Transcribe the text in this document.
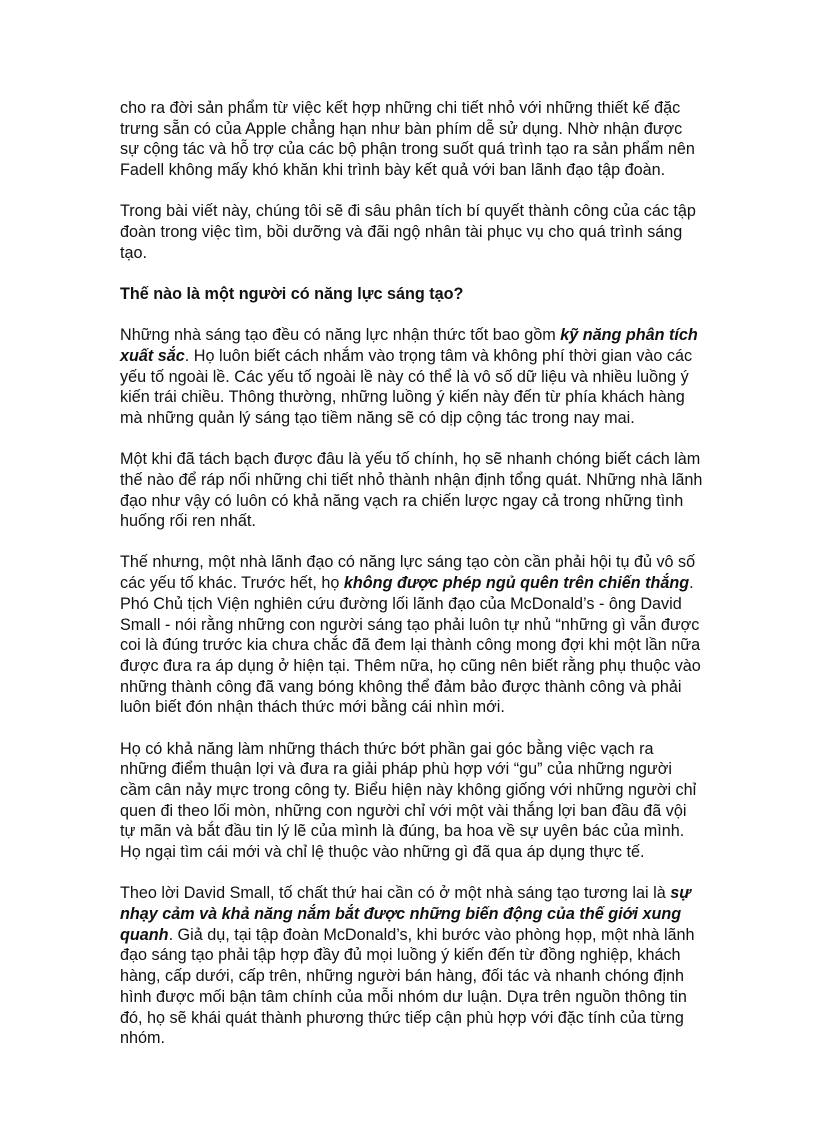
cho ra đời sản phẩm từ việc kết hợp những chi tiết nhỏ với những thiết kế đặc trưng sẵn có của Apple chẳng hạn như bàn phím dễ sử dụng. Nhờ nhận được sự cộng tác và hỗ trợ của các bộ phận trong suốt quá trình tạo ra sản phẩm nên Fadell không mấy khó khăn khi trình bày kết quả với ban lãnh đạo tập đoàn.

Trong bài viết này, chúng tôi sẽ đi sâu phân tích bí quyết thành công của các tập đoàn trong việc tìm, bồi dưỡng và đãi ngộ nhân tài phục vụ cho quá trình sáng tạo.

Thế nào là một người có năng lực sáng tạo?

Những nhà sáng tạo đều có năng lực nhận thức tốt bao gồm kỹ năng phân tích xuất sắc. Họ luôn biết cách nhắm vào trọng tâm và không phí thời gian vào các yếu tố ngoài lề. Các yếu tố ngoài lề này có thể là vô số dữ liệu và nhiều luồng ý kiến trái chiều. Thông thường, những luồng ý kiến này đến từ phía khách hàng mà những quản lý sáng tạo tiềm năng sẽ có dịp cộng tác trong nay mai.

Một khi đã tách bạch được đâu là yếu tố chính, họ sẽ nhanh chóng biết cách làm thế nào để ráp nối những chi tiết nhỏ thành nhận định tổng quát. Những nhà lãnh đạo như vậy có luôn có khả năng vạch ra chiến lược ngay cả trong những tình huống rối ren nhất.

Thế nhưng, một nhà lãnh đạo có năng lực sáng tạo còn cần phải hội tụ đủ vô số các yếu tố khác. Trước hết, họ không được phép ngủ quên trên chiến thắng. Phó Chủ tịch Viện nghiên cứu đường lối lãnh đạo của McDonald’s - ông David Small - nói rằng những con người sáng tạo phải luôn tự nhủ “những gì vẫn được coi là đúng trước kia chưa chắc đã đem lại thành công mong đợi khi một lần nữa được đưa ra áp dụng ở hiện tại. Thêm nữa, họ cũng nên biết rằng phụ thuộc vào những thành công đã vang bóng không thể đảm bảo được thành công và phải luôn biết đón nhận thách thức mới bằng cái nhìn mới.

Họ có khả năng làm những thách thức bớt phần gai góc bằng việc vạch ra những điểm thuận lợi và đưa ra giải pháp phù hợp với “gu” của những người cầm cân nảy mực trong công ty. Biểu hiện này không giống với những người chỉ quen đi theo lối mòn, những con người chỉ với một vài thắng lợi ban đầu đã vội tự mãn và bắt đầu tin lý lẽ của mình là đúng, ba hoa về sự uyên bác của mình. Họ ngại tìm cái mới và chỉ lệ thuộc vào những gì đã qua áp dụng thực tế.

Theo lời David Small, tố chất thứ hai cần có ở một nhà sáng tạo tương lai là sự nhạy cảm và khả năng nắm bắt được những biến động của thế giới xung quanh. Giả dụ, tại tập đoàn McDonald’s, khi bước vào phòng họp, một nhà lãnh đạo sáng tạo phải tập hợp đầy đủ mọi luồng ý kiến đến từ đồng nghiệp, khách hàng, cấp dưới, cấp trên, những người bán hàng, đối tác và nhanh chóng định hình được mối bận tâm chính của mỗi nhóm dư luận. Dựa trên nguồn thông tin đó, họ sẽ khái quát thành phương thức tiếp cận phù hợp với đặc tính của từng nhóm.
